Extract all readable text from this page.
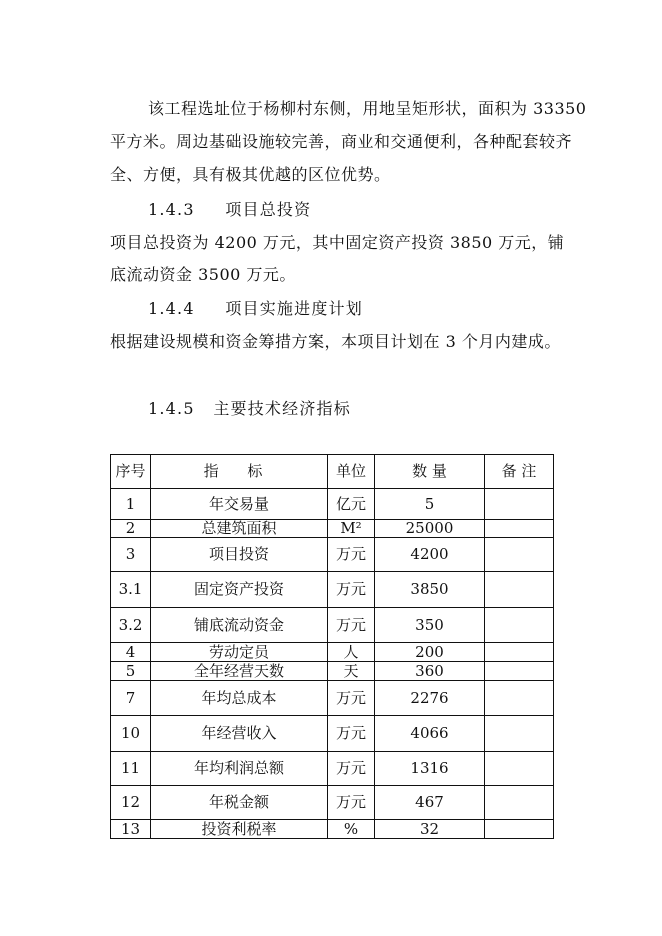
该工程选址位于杨柳村东侧，用地呈矩形状，面积为 33350
平方米。周边基础设施较完善，商业和交通便利，各种配套较齐
全、方便，具有极其优越的区位优势。
1.4.3 项目总投资
项目总投资为 4200 万元，其中固定资产投资 3850 万元，铺
底流动资金 3500 万元。
1.4.4 项目实施进度计划
根据建设规模和资金筹措方案，本项目计划在 3 个月内建成。
1.4.5 主要技术经济指标
序号	指 标	单位	数 量	备 注
1	年交易量	亿元	5	
2	总建筑面积	M²	25000	
3	项目投资	万元	4200	
3.1	固定资产投资	万元	3850	
3.2	铺底流动资金	万元	350	
4	劳动定员	人	200	
5	全年经营天数	天	360	
7	年均总成本	万元	2276	
10	年经营收入	万元	4066	
11	年均利润总额	万元	1316	
12	年税金额	万元	467	
13	投资利税率	%	32	
